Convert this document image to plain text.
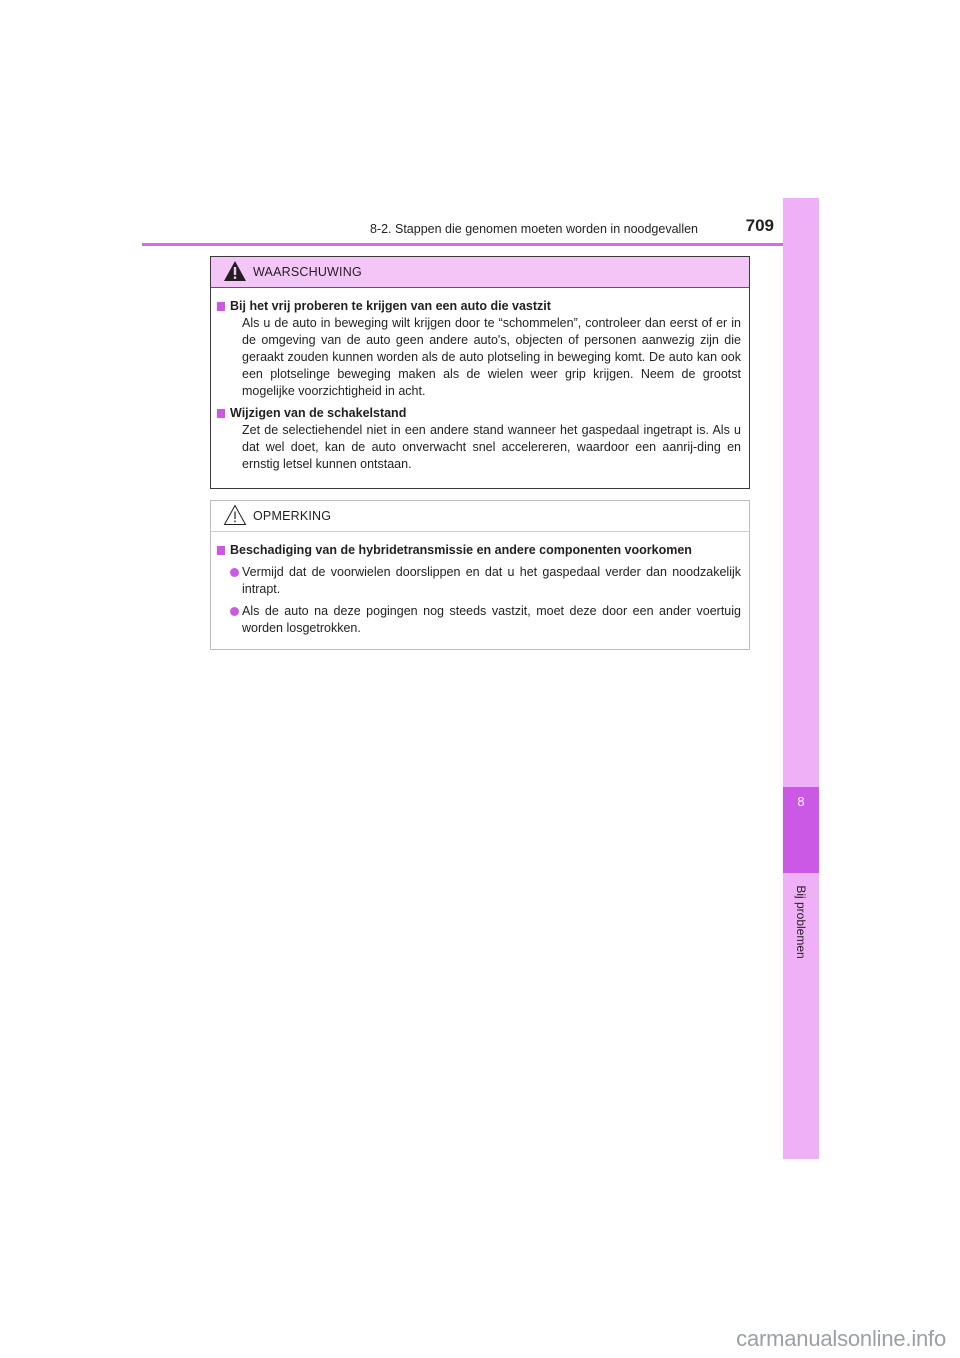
8-2. Stappen die genomen moeten worden in noodgevallen	709
8
Bij problemen
WAARSCHUWING
Bij het vrij proberen te krijgen van een auto die vastzit
Als u de auto in beweging wilt krijgen door te “schommelen”, controleer dan eerst of er in de omgeving van de auto geen andere auto's, objecten of personen aanwezig zijn die geraakt zouden kunnen worden als de auto plotseling in beweging komt. De auto kan ook een plotselinge beweging maken als de wielen weer grip krijgen. Neem de grootst mogelijke voorzichtigheid in acht.
Wijzigen van de schakelstand
Zet de selectiehendel niet in een andere stand wanneer het gaspedaal ingetrapt is. Als u dat wel doet, kan de auto onverwacht snel accelereren, waardoor een aanrij-ding en ernstig letsel kunnen ontstaan.
OPMERKING
Beschadiging van de hybridetransmissie en andere componenten voorkomen
Vermijd dat de voorwielen doorslippen en dat u het gaspedaal verder dan noodzakelijk intrapt.
Als de auto na deze pogingen nog steeds vastzit, moet deze door een ander voertuig worden losgetrokken.
carmanualsonline.info
